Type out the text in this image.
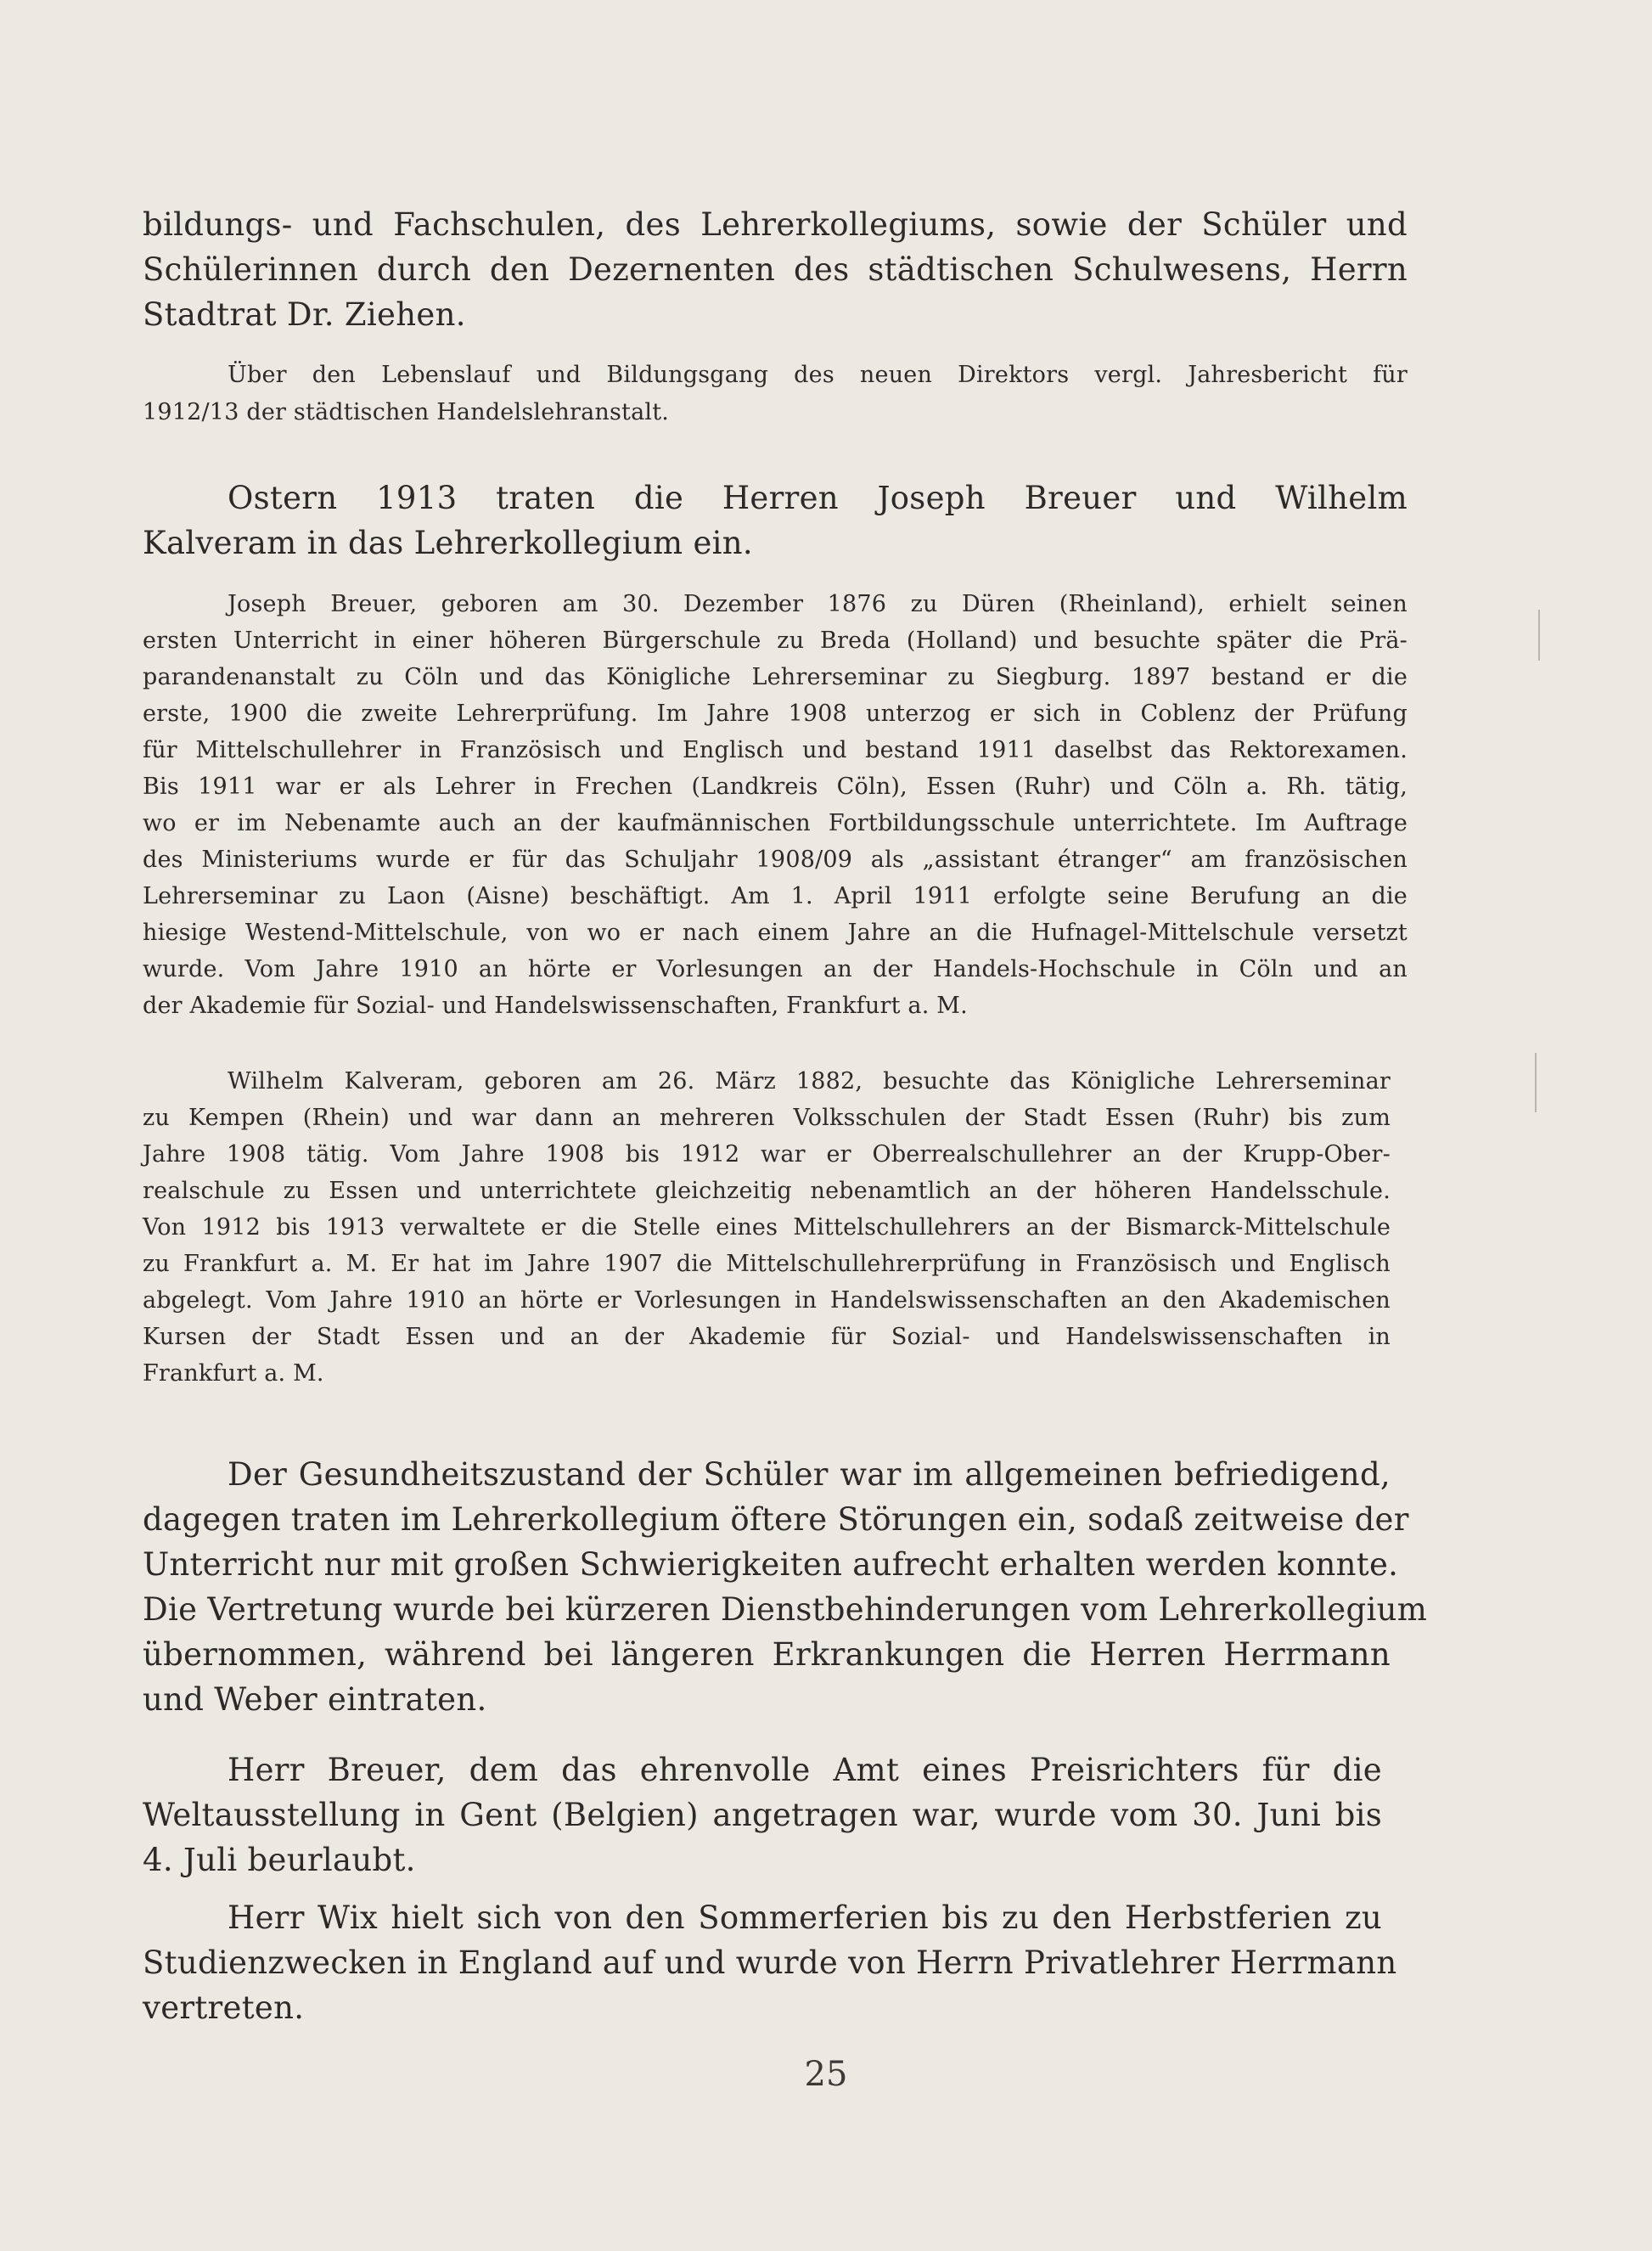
bildungs- und Fachschulen, des Lehrerkollegiums, sowie der Schüler und
Schülerinnen durch den Dezernenten des städtischen Schulwesens, Herrn
Stadtrat Dr. Ziehen.
Über den Lebenslauf und Bildungsgang des neuen Direktors vergl. Jahresbericht für
1912/13 der städtischen Handelslehranstalt.
Ostern 1913 traten die Herren Joseph Breuer und Wilhelm
Kalveram in das Lehrerkollegium ein.
Joseph Breuer, geboren am 30. Dezember 1876 zu Düren (Rheinland), erhielt seinen
ersten Unterricht in einer höheren Bürgerschule zu Breda (Holland) und besuchte später die Prä-
parandenanstalt zu Cöln und das Königliche Lehrerseminar zu Siegburg. 1897 bestand er die
erste, 1900 die zweite Lehrerprüfung. Im Jahre 1908 unterzog er sich in Coblenz der Prüfung
für Mittelschullehrer in Französisch und Englisch und bestand 1911 daselbst das Rektorexamen.
Bis 1911 war er als Lehrer in Frechen (Landkreis Cöln), Essen (Ruhr) und Cöln a. Rh. tätig,
wo er im Nebenamte auch an der kaufmännischen Fortbildungsschule unterrichtete. Im Auftrage
des Ministeriums wurde er für das Schuljahr 1908/09 als „assistant étranger“ am französischen
Lehrerseminar zu Laon (Aisne) beschäftigt. Am 1. April 1911 erfolgte seine Berufung an die
hiesige Westend-Mittelschule, von wo er nach einem Jahre an die Hufnagel-Mittelschule versetzt
wurde. Vom Jahre 1910 an hörte er Vorlesungen an der Handels-Hochschule in Cöln und an
der Akademie für Sozial- und Handelswissenschaften, Frankfurt a. M.
Wilhelm Kalveram, geboren am 26. März 1882, besuchte das Königliche Lehrerseminar
zu Kempen (Rhein) und war dann an mehreren Volksschulen der Stadt Essen (Ruhr) bis zum
Jahre 1908 tätig. Vom Jahre 1908 bis 1912 war er Oberrealschullehrer an der Krupp-Ober-
realschule zu Essen und unterrichtete gleichzeitig nebenamtlich an der höheren Handelsschule.
Von 1912 bis 1913 verwaltete er die Stelle eines Mittelschullehrers an der Bismarck-Mittelschule
zu Frankfurt a. M. Er hat im Jahre 1907 die Mittelschullehrerprüfung in Französisch und Englisch
abgelegt. Vom Jahre 1910 an hörte er Vorlesungen in Handelswissenschaften an den Akademischen
Kursen der Stadt Essen und an der Akademie für Sozial- und Handelswissenschaften in
Frankfurt a. M.
Der Gesundheitszustand der Schüler war im allgemeinen befriedigend,
dagegen traten im Lehrerkollegium öftere Störungen ein, sodaß zeitweise der
Unterricht nur mit großen Schwierigkeiten aufrecht erhalten werden konnte.
Die Vertretung wurde bei kürzeren Dienstbehinderungen vom Lehrerkollegium
übernommen, während bei längeren Erkrankungen die Herren Herrmann
und Weber eintraten.
Herr Breuer, dem das ehrenvolle Amt eines Preisrichters für die
Weltausstellung in Gent (Belgien) angetragen war, wurde vom 30. Juni bis
4. Juli beurlaubt.
Herr Wix hielt sich von den Sommerferien bis zu den Herbstferien zu
Studienzwecken in England auf und wurde von Herrn Privatlehrer Herrmann
vertreten.
25
